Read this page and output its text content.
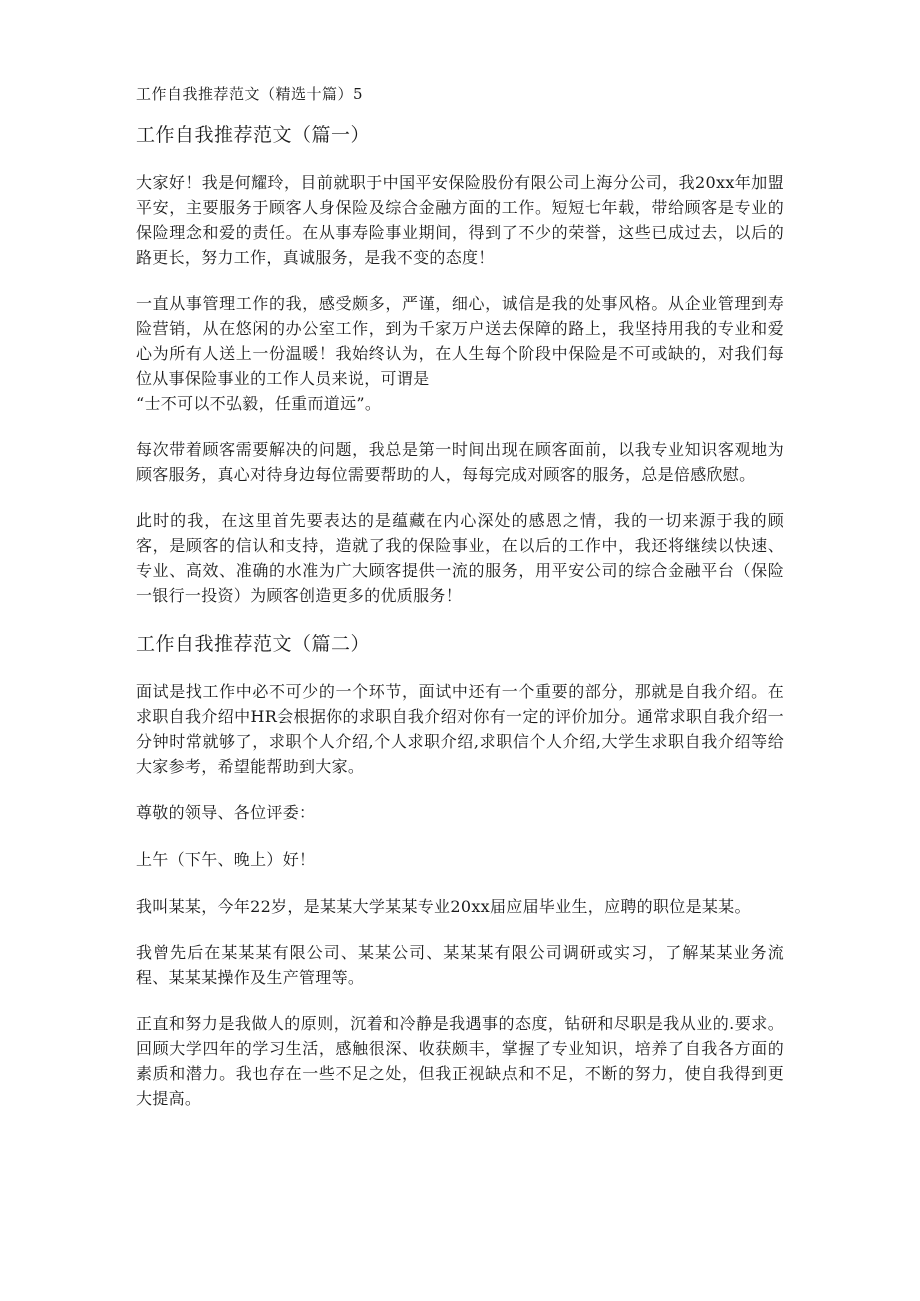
工作自我推荐范文（精选十篇）5
工作自我推荐范文（篇一）

大家好！我是何耀玲，目前就职于中国平安保险股份有限公司上海分公司，我20xx年加盟平安，主要服务于顾客人身保险及综合金融方面的工作。短短七年载，带给顾客是专业的保险理念和爱的责任。在从事寿险事业期间，得到了不少的荣誉，这些已成过去，以后的路更长，努力工作，真诚服务，是我不变的态度！

一直从事管理工作的我，感受颇多，严谨，细心，诚信是我的处事风格。从企业管理到寿险营销，从在悠闲的办公室工作，到为千家万户送去保障的路上，我坚持用我的专业和爱心为所有人送上一份温暖！我始终认为，在人生每个阶段中保险是不可或缺的，对我们每位从事保险事业的工作人员来说，可谓是
“士不可以不弘毅，任重而道远”。

每次带着顾客需要解决的问题，我总是第一时间出现在顾客面前，以我专业知识客观地为顾客服务，真心对待身边每位需要帮助的人，每每完成对顾客的服务，总是倍感欣慰。

此时的我，在这里首先要表达的是蕴藏在内心深处的感恩之情，我的一切来源于我的顾客，是顾客的信认和支持，造就了我的保险事业，在以后的工作中，我还将继续以快速、专业、高效、准确的水准为广大顾客提供一流的服务，用平安公司的综合金融平台（保险一银行一投资）为顾客创造更多的优质服务！

工作自我推荐范文（篇二）

面试是找工作中必不可少的一个环节，面试中还有一个重要的部分，那就是自我介绍。在求职自我介绍中HR会根据你的求职自我介绍对你有一定的评价加分。通常求职自我介绍一分钟时常就够了，求职个人介绍,个人求职介绍,求职信个人介绍,大学生求职自我介绍等给大家参考，希望能帮助到大家。

尊敬的领导、各位评委：

上午（下午、晚上）好！

我叫某某，今年22岁，是某某大学某某专业20xx届应届毕业生，应聘的职位是某某。

我曾先后在某某某有限公司、某某公司、某某某有限公司调研或实习，了解某某业务流程、某某某操作及生产管理等。

正直和努力是我做人的原则，沉着和冷静是我遇事的态度，钻研和尽职是我从业的.要求。回顾大学四年的学习生活，感触很深、收获颇丰，掌握了专业知识，培养了自我各方面的素质和潜力。我也存在一些不足之处，但我正视缺点和不足，不断的努力，使自我得到更大提高。
